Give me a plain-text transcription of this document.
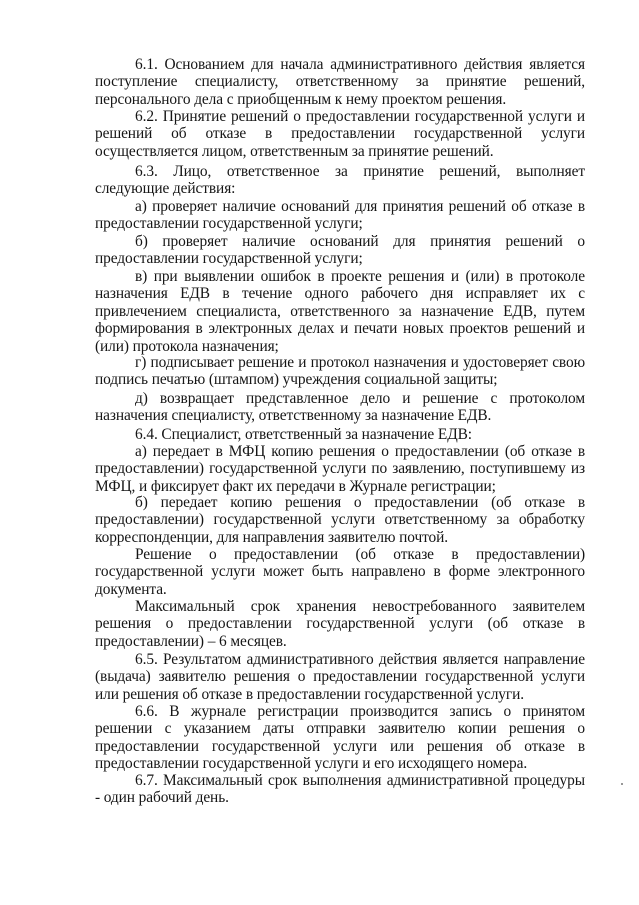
6.1. Основанием для начала административного действия является поступление специалисту, ответственному за принятие решений, персонального дела с приобщенным к нему проектом решения.

6.2. Принятие решений о предоставлении государственной услуги и решений об отказе в предоставлении государственной услуги осуществляется лицом, ответственным за принятие решений.

6.3. Лицо, ответственное за принятие решений, выполняет следующие действия:

а) проверяет наличие оснований для принятия решений об отказе в предоставлении государственной услуги;

б) проверяет наличие оснований для принятия решений о предоставлении государственной услуги;

в) при выявлении ошибок в проекте решения и (или) в протоколе назначения ЕДВ в течение одного рабочего дня исправляет их с привлечением специалиста, ответственного за назначение ЕДВ, путем формирования в электронных делах и печати новых проектов решений и (или) протокола назначения;

г) подписывает решение и протокол назначения и удостоверяет свою подпись печатью (штампом) учреждения социальной защиты;

д) возвращает представленное дело и решение с протоколом назначения специалисту, ответственному за назначение ЕДВ.

6.4. Специалист, ответственный за назначение ЕДВ:

а) передает в МФЦ копию решения о предоставлении (об отказе в предоставлении) государственной услуги по заявлению, поступившему из МФЦ, и фиксирует факт их передачи в Журнале регистрации;

б) передает копию решения о предоставлении (об отказе в предоставлении) государственной услуги ответственному за обработку корреспонденции, для направления заявителю почтой.

Решение о предоставлении (об отказе в предоставлении) государственной услуги может быть направлено в форме электронного документа.

Максимальный срок хранения невостребованного заявителем решения о предоставлении государственной услуги (об отказе в предоставлении) – 6 месяцев.

6.5. Результатом административного действия является направление (выдача) заявителю решения о предоставлении государственной услуги или решения об отказе в предоставлении государственной услуги.

6.6. В журнале регистрации производится запись о принятом решении с указанием даты отправки заявителю копии решения о предоставлении государственной услуги или решения об отказе в предоставлении государственной услуги и его исходящего номера.

6.7. Максимальный срок выполнения административной процедуры - один рабочий день.
